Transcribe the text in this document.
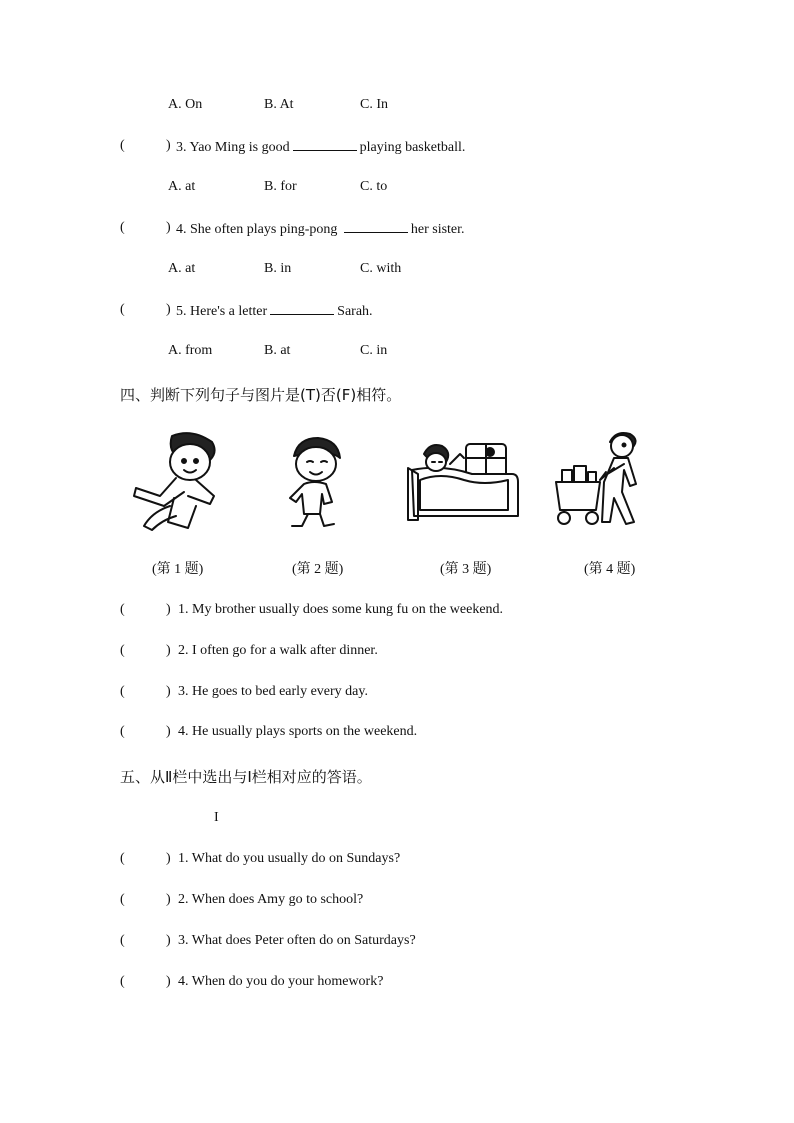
A. On	B. At	C. In
(	) 3. Yao Ming is good	playing basketball.
A. at	B. for	C. to
(	) 4. She often plays ping-pong	her sister.
A. at	B. in	C. with
(	) 5. Here's a letter	Sarah.
A. from	B. at	C. in
四、判断下列句子与图片是(T)否(F)相符。
(第 1 题)	(第 2 题)	(第 3 题)	(第 4 题)
(	) 1. My brother usually does some kung fu on the weekend.
(	) 2. I often go for a walk after dinner.
(	) 3. He goes to bed early every day.
(	) 4. He usually plays sports on the weekend.
五、从Ⅱ栏中选出与Ⅰ栏相对应的答语。
I
(	) 1. What do you usually do on Sundays?
(	) 2. When does Amy go to school?
(	) 3. What does Peter often do on Saturdays?
(	) 4. When do you do your homework?
